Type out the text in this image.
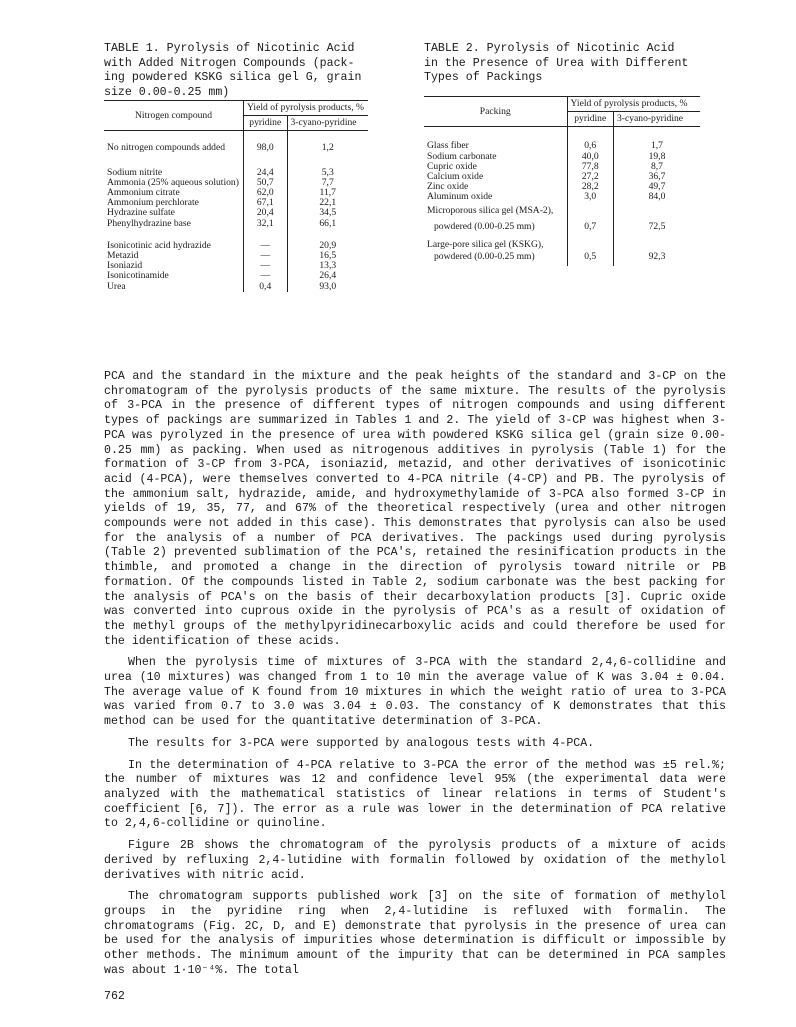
TABLE 1. Pyrolysis of Nicotinic Acid
with Added Nitrogen Compounds (pack-
ing powdered KSKG silica gel G, grain
size 0.00-0.25 mm)

Nitrogen compound	Yield of pyrolysis products, %	
	pyridine	3-cyano-pyridine

No nitrogen compounds added	98,0	1,2

Sodium nitrite	24,4	5,3
Ammonia (25% aqueous solution)	50,7	7,7
Ammonium citrate	62,0	11,7
Ammonium perchlorate	67,1	22,1
Hydrazine sulfate	20,4	34,5
Phenylhydrazine base	32,1	66,1

Isonicotinic acid hydrazide	—	20,9
Metazid	—	16,5
Isoniazid	—	13,3
Isonicotinamide	—	26,4
Urea	0,4	93,0

TABLE 2. Pyrolysis of Nicotinic Acid
in the Presence of Urea with Different
Types of Packings

Packing	Yield of pyrolysis products, %	
	pyridine	3-cyano-pyridine

Glass fiber	0,6	1,7
Sodium carbonate	40,0	19,8
Cupric oxide	77,8	8,7
Calcium oxide	27,2	36,7
Zinc oxide	28,2	49,7
Aluminum oxide	3,0	84,0
Microporous silica gel (MSA-2),		
powdered (0.00-0.25 mm)	0,7	72,5
Large-pore silica gel (KSKG),		
powdered (0.00-0.25 mm)	0,5	92,3

PCA and the standard in the mixture and the peak heights of the standard and 3-CP on the chromatogram of the pyrolysis products of the same mixture. The results of the pyrolysis of 3-PCA in the presence of different types of nitrogen compounds and using different types of packings are summarized in Tables 1 and 2. The yield of 3-CP was highest when 3-PCA was pyrolyzed in the presence of urea with powdered KSKG silica gel (grain size 0.00-0.25 mm) as packing. When used as nitrogenous additives in pyrolysis (Table 1) for the formation of 3-CP from 3-PCA, isoniazid, metazid, and other derivatives of isonicotinic acid (4-PCA), were themselves converted to 4-PCA nitrile (4-CP) and PB. The pyrolysis of the ammonium salt, hydrazide, amide, and hydroxymethylamide of 3-PCA also formed 3-CP in yields of 19, 35, 77, and 67% of the theoretical respectively (urea and other nitrogen compounds were not added in this case). This demonstrates that pyrolysis can also be used for the analysis of a number of PCA derivatives. The packings used during pyrolysis (Table 2) prevented sublimation of the PCA's, retained the resinification products in the thimble, and promoted a change in the direction of pyrolysis toward nitrile or PB formation. Of the compounds listed in Table 2, sodium carbonate was the best packing for the analysis of PCA's on the basis of their decarboxylation products [3]. Cupric oxide was converted into cuprous oxide in the pyrolysis of PCA's as a result of oxidation of the methyl groups of the methylpyridinecarboxylic acids and could therefore be used for the identification of these acids.

When the pyrolysis time of mixtures of 3-PCA with the standard 2,4,6-collidine and urea (10 mixtures) was changed from 1 to 10 min the average value of K was 3.04 ± 0.04. The average value of K found from 10 mixtures in which the weight ratio of urea to 3-PCA was varied from 0.7 to 3.0 was 3.04 ± 0.03. The constancy of K demonstrates that this method can be used for the quantitative determination of 3-PCA.

The results for 3-PCA were supported by analogous tests with 4-PCA.

In the determination of 4-PCA relative to 3-PCA the error of the method was ±5 rel.%; the number of mixtures was 12 and confidence level 95% (the experimental data were analyzed with the mathematical statistics of linear relations in terms of Student's coefficient [6, 7]). The error as a rule was lower in the determination of PCA relative to 2,4,6-collidine or quinoline.

Figure 2B shows the chromatogram of the pyrolysis products of a mixture of acids derived by refluxing 2,4-lutidine with formalin followed by oxidation of the methylol derivatives with nitric acid.

The chromatogram supports published work [3] on the site of formation of methylol groups in the pyridine ring when 2,4-lutidine is refluxed with formalin. The chromatograms (Fig. 2C, D, and E) demonstrate that pyrolysis in the presence of urea can be used for the analysis of impurities whose determination is difficult or impossible by other methods. The minimum amount of the impurity that can be determined in PCA samples was about 1·10⁻⁴%. The total

762
